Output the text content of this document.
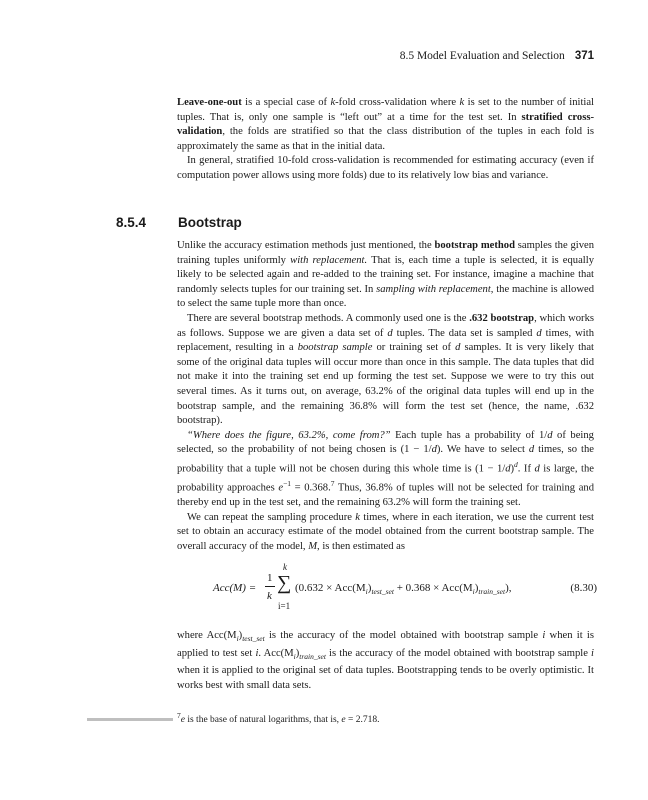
8.5 Model Evaluation and Selection 371

Leave-one-out is a special case of k-fold cross-validation where k is set to the number of initial tuples. That is, only one sample is “left out” at a time for the test set. In stratified cross-validation, the folds are stratified so that the class distribution of the tuples in each fold is approximately the same as that in the initial data.

In general, stratified 10-fold cross-validation is recommended for estimating accuracy (even if computation power allows using more folds) due to its relatively low bias and variance.

8.5.4 Bootstrap

Unlike the accuracy estimation methods just mentioned, the bootstrap method samples the given training tuples uniformly with replacement. That is, each time a tuple is selected, it is equally likely to be selected again and re-added to the training set. For instance, imagine a machine that randomly selects tuples for our training set. In sampling with replacement, the machine is allowed to select the same tuple more than once.

There are several bootstrap methods. A commonly used one is the .632 bootstrap, which works as follows. Suppose we are given a data set of d tuples. The data set is sampled d times, with replacement, resulting in a bootstrap sample or training set of d samples. It is very likely that some of the original data tuples will occur more than once in this sample. The data tuples that did not make it into the training set end up forming the test set. Suppose we were to try this out several times. As it turns out, on average, 63.2% of the original data tuples will end up in the bootstrap sample, and the remaining 36.8% will form the test set (hence, the name, .632 bootstrap).

“Where does the figure, 63.2%, come from?” Each tuple has a probability of 1/d of being selected, so the probability of not being chosen is (1 − 1/d). We have to select d times, so the probability that a tuple will not be chosen during this whole time is $(1 - 1/d)^d$. If d is large, the probability approaches $e^{-1} = 0.368.^7$ Thus, 36.8% of tuples will not be selected for training and thereby end up in the test set, and the remaining 63.2% will form the training set.

We can repeat the sampling procedure k times, where in each iteration, we use the current test set to obtain an accuracy estimate of the model obtained from the current bootstrap sample. The overall accuracy of the model, M, is then estimated as

Acc(M) =
1
k
k
∑
i=1
$(0.632 \times Acc(M_i)_{test\_set} + 0.368 \times Acc(M_i)_{train\_set})$,	(8.30)

where $Acc(M_i)_{test\_set}$ is the accuracy of the model obtained with bootstrap sample i when it is applied to test set i. $Acc(M_i)_{train\_set}$ is the accuracy of the model obtained with bootstrap sample i when it is applied to the original set of data tuples. Bootstrapping tends to be overly optimistic. It works best with small data sets.

$^7$e is the base of natural logarithms, that is, e = 2.718.
